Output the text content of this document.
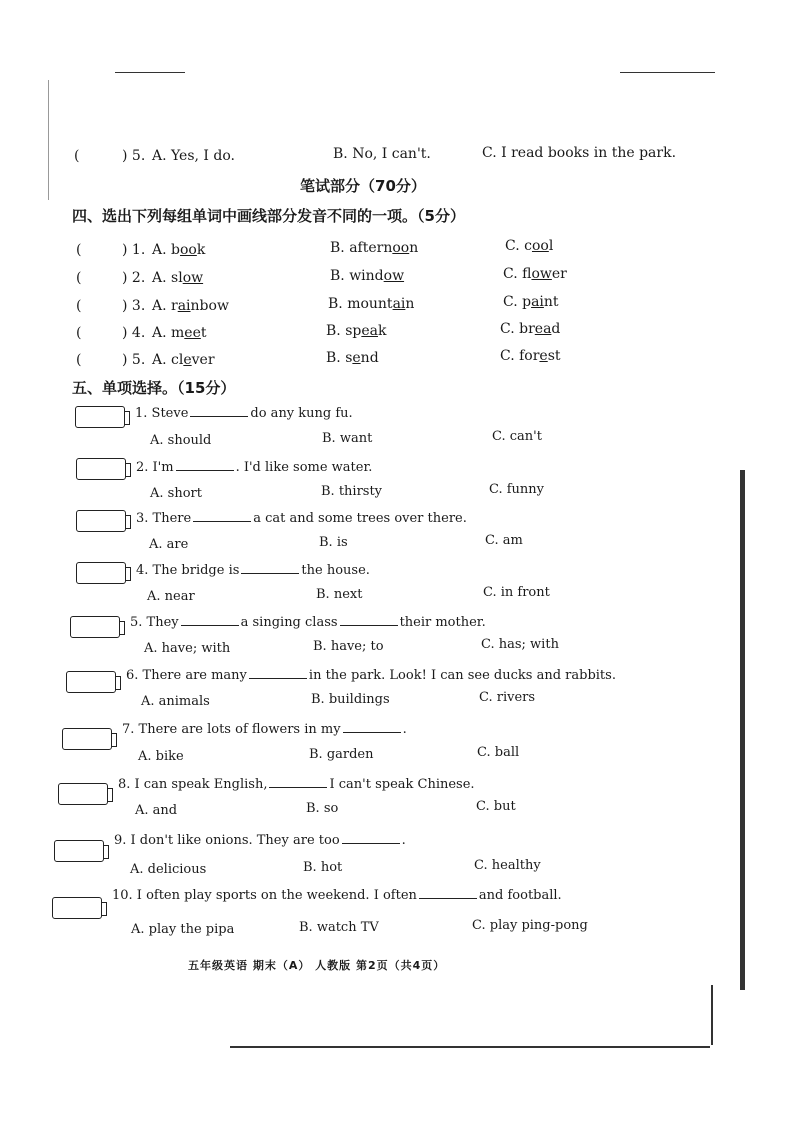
(	) 5. A. Yes, I do.	B. No, I can't.	C. I read books in the park.
笔试部分（70分）
四、选出下列每组单词中画线部分发音不同的一项。（5分）
(	) 1. A. book	B. afternoon	C. cool
(	) 2. A. slow	B. window	C. flower
(	) 3. A. rainbow	B. mountain	C. paint
(	) 4. A. meet	B. speak	C. bread
(	) 5. A. clever	B. send	C. forest
五、单项选择。（15分）
1. Steve	do any kung fu.
A. should	B. want	C. can't
2. I'm	. I'd like some water.
A. short	B. thirsty	C. funny
3. There	a cat and some trees over there.
A. are	B. is	C. am
4. The bridge is	the house.
A. near	B. next	C. in front
5. They	a singing class	their mother.
A. have; with	B. have; to	C. has; with
6. There are many	in the park. Look! I can see ducks and rabbits.
A. animals	B. buildings	C. rivers
7. There are lots of flowers in my	.
A. bike	B. garden	C. ball
8. I can speak English,	I can't speak Chinese.
A. and	B. so	C. but
9. I don't like onions. They are too	.
A. delicious	B. hot	C. healthy
10. I often play sports on the weekend. I often	and football.
A. play the pipa	B. watch TV	C. play ping-pong
五年级英语 期末（A） 人教版 第2页（共4页）
